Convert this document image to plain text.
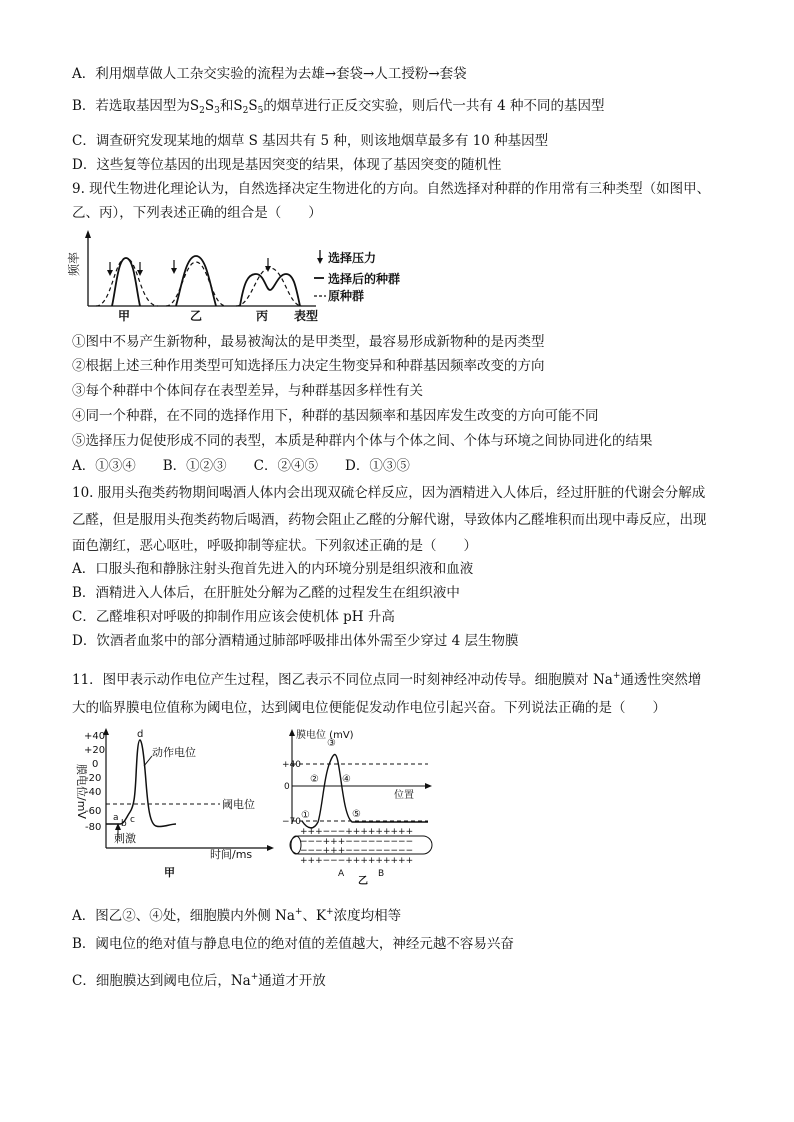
A．利用烟草做人工杂交实验的流程为去雄→套袋→人工授粉→套袋
B．若选取基因型为$S_2S_3$和$S_2S_5$的烟草进行正反交实验，则后代一共有 4 种不同的基因型
C．调查研究发现某地的烟草 S 基因共有 5 种，则该地烟草最多有 10 种基因型
D．这些复等位基因的出现是基因突变的结果，体现了基因突变的随机性
9. 现代生物进化理论认为，自然选择决定生物进化的方向。自然选择对种群的作用常有三种类型（如图甲、
乙、丙），下列表述正确的组合是（　　）
频率
表型
甲	乙	丙
选择压力
选择后的种群
原种群
①图中不易产生新物种，最易被淘汰的是甲类型，最容易形成新物种的是丙类型
②根据上述三种作用类型可知选择压力决定生物变异和种群基因频率改变的方向
③每个种群中个体间存在表型差异，与种群基因多样性有关
④同一个种群，在不同的选择作用下，种群的基因频率和基因库发生改变的方向可能不同
⑤选择压力促使形成不同的表型，本质是种群内个体与个体之间、个体与环境之间协同进化的结果
A．①③④　　B．①②③　　C．②④⑤　　D．①③⑤
10. 服用头孢类药物期间喝酒人体内会出现双硫仑样反应，因为酒精进入人体后，经过肝脏的代谢会分解成
乙醛，但是服用头孢类药物后喝酒，药物会阻止乙醛的分解代谢，导致体内乙醛堆积而出现中毒反应，出现
面色潮红，恶心呕吐，呼吸抑制等症状。下列叙述正确的是（　　）
A．口服头孢和静脉注射头孢首先进入的内环境分别是组织液和血液
B．酒精进入人体后，在肝脏处分解为乙醛的过程发生在组织液中
C．乙醛堆积对呼吸的抑制作用应该会使机体 pH 升高
D．饮酒者血浆中的部分酒精通过肺部呼吸排出体外需至少穿过 4 层生物膜
11．图甲表示动作电位产生过程，图乙表示不同位点同一时刻神经冲动传导。细胞膜对 Na+通透性突然增
大的临界膜电位值称为阈电位，达到阈电位便能促发动作电位引起兴奋。下列说法正确的是（　　）
膜电位/mV
+40
+20
0
-20
-40
-60
-80
阈电位
d
a
b c
动作电位
刺激
时间/ms
甲
膜电位 (mV)
+40
0
−70
①
②
③
④
⑤
位置
+++−−−+++++++++
−−−+++−−−−−−−−−
−−−+++−−−−−−−−−
+++−−−+++++++++
A	B
乙
A．图乙②、④处，细胞膜内外侧 Na+、K+浓度均相等
B．阈电位的绝对值与静息电位的绝对值的差值越大，神经元越不容易兴奋
C．细胞膜达到阈电位后，Na+通道才开放
